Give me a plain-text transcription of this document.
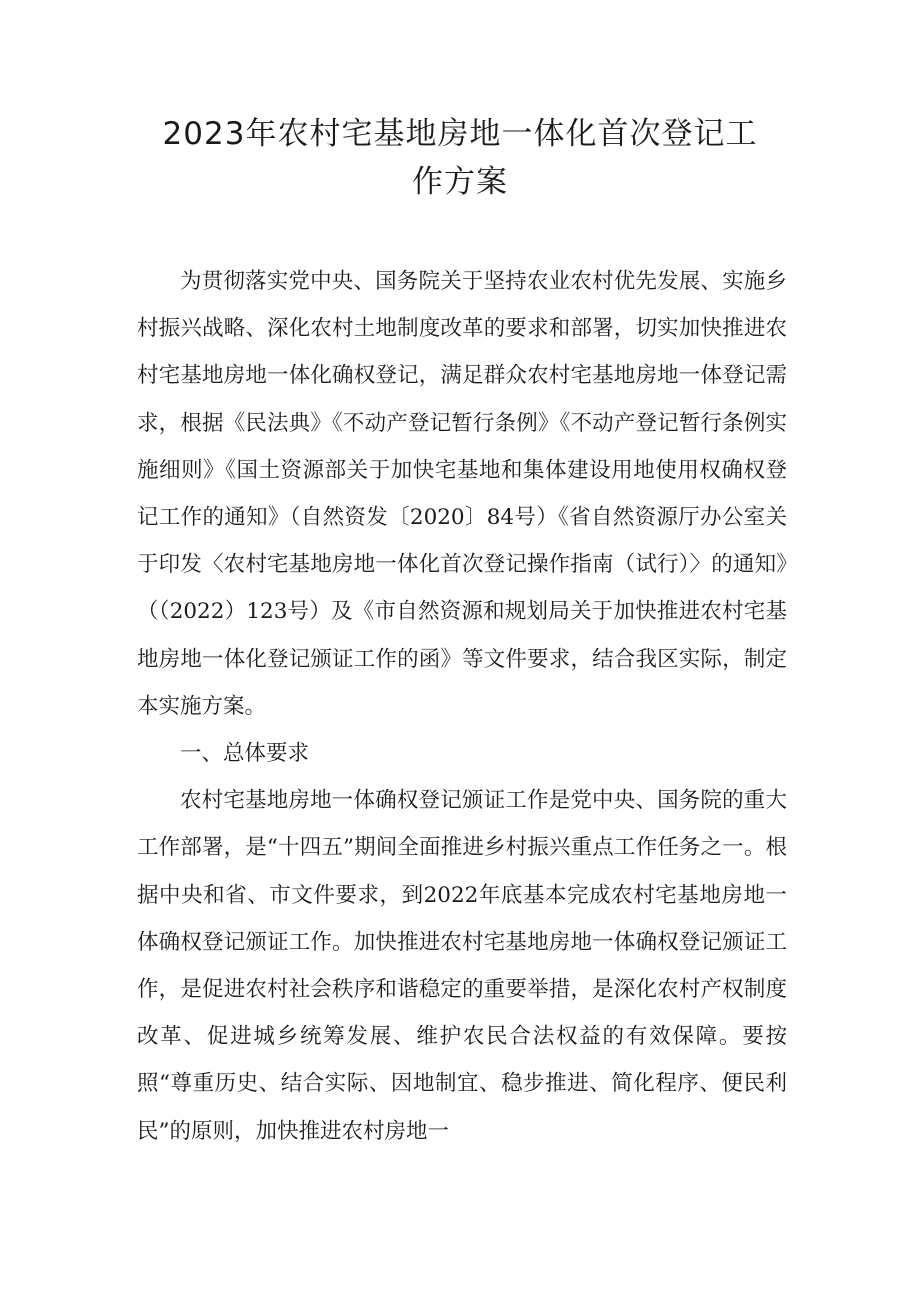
2023年农村宅基地房地一体化首次登记工
作方案

为贯彻落实党中央、国务院关于坚持农业农村优先发展、实施乡村振兴战略、深化农村土地制度改革的要求和部署，切实加快推进农村宅基地房地一体化确权登记，满足群众农村宅基地房地一体登记需求，根据《民法典》《不动产登记暂行条例》《不动产登记暂行条例实施细则》《国土资源部关于加快宅基地和集体建设用地使用权确权登记工作的通知》（自然资发〔2020〕84号）《省自然资源厅办公室关于印发〈农村宅基地房地一体化首次登记操作指南（试行）〉的通知》（（2022）123号）及《市自然资源和规划局关于加快推进农村宅基地房地一体化登记颁证工作的函》等文件要求，结合我区实际，制定本实施方案。

一、总体要求

农村宅基地房地一体确权登记颁证工作是党中央、国务院的重大工作部署，是“十四五”期间全面推进乡村振兴重点工作任务之一。根据中央和省、市文件要求，到2022年底基本完成农村宅基地房地一体确权登记颁证工作。加快推进农村宅基地房地一体确权登记颁证工作，是促进农村社会秩序和谐稳定的重要举措，是深化农村产权制度改革、促进城乡统筹发展、维护农民合法权益的有效保障。要按照“尊重历史、结合实际、因地制宜、稳步推进、简化程序、便民利民”的原则，加快推进农村房地一
